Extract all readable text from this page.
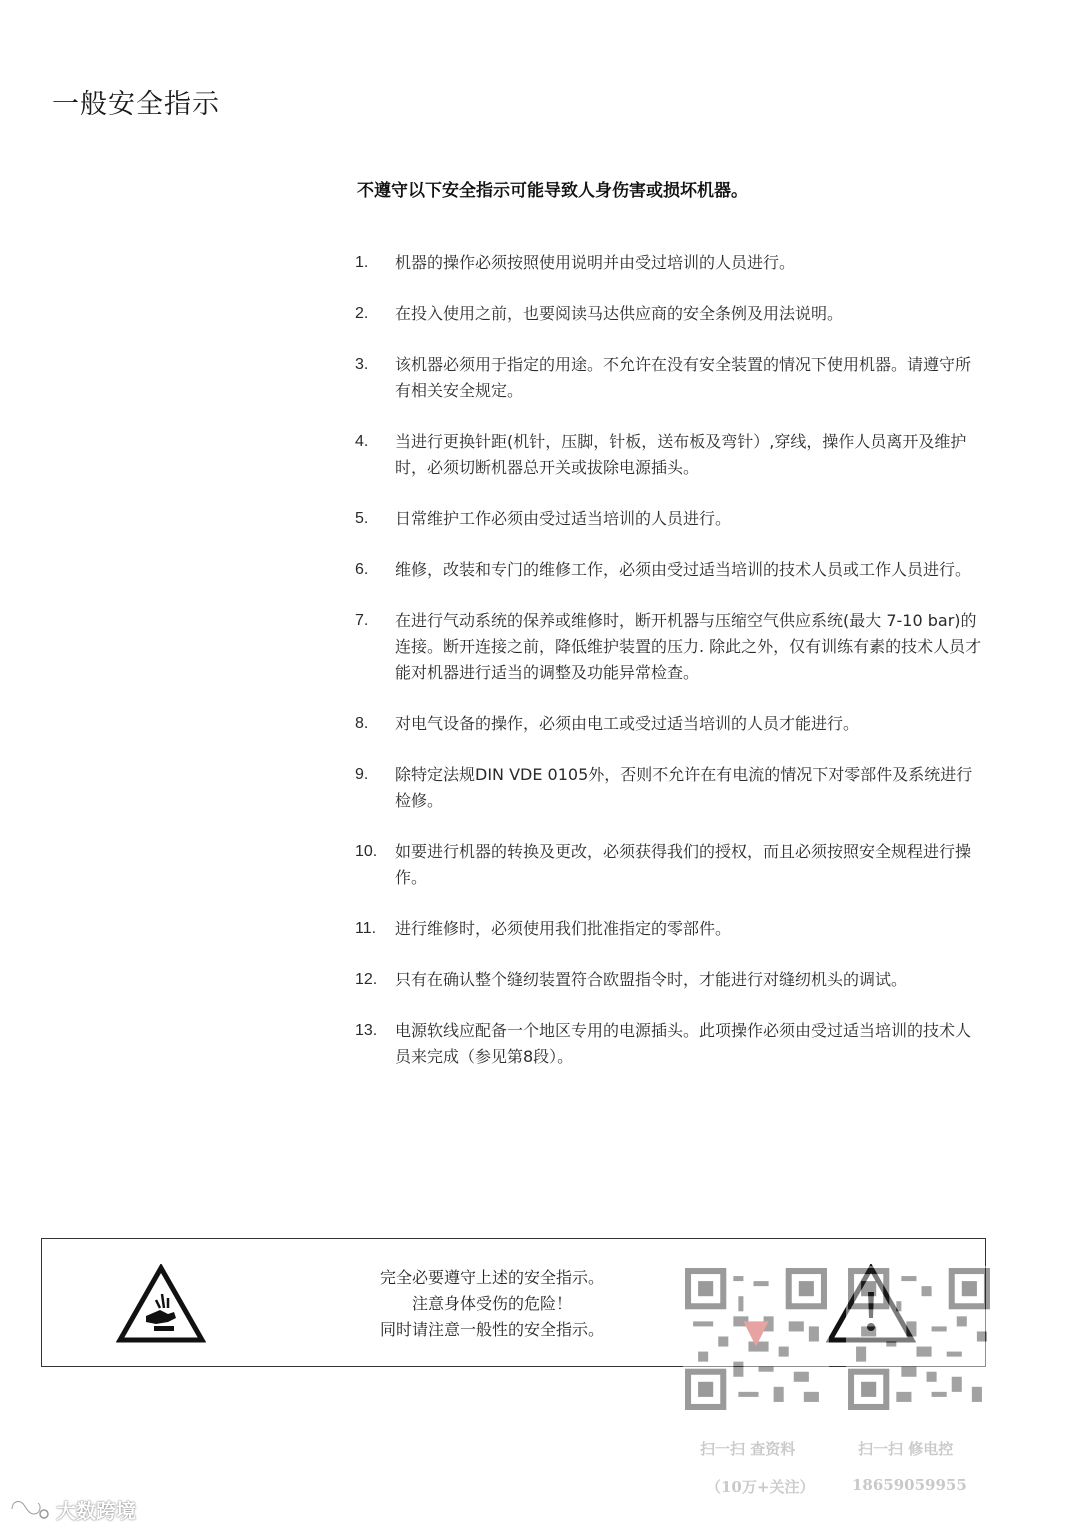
一般安全指示
不遵守以下安全指示可能导致人身伤害或损坏机器。
1. 机器的操作必须按照使用说明并由受过培训的人员进行。
2. 在投入使用之前，也要阅读马达供应商的安全条例及用法说明。
3. 该机器必须用于指定的用途。不允许在没有安全装置的情况下使用机器。请遵守所有相关安全规定。
4. 当进行更换针距(机针，压脚，针板，送布板及弯针）,穿线，操作人员离开及维护时，必须切断机器总开关或拔除电源插头。
5. 日常维护工作必须由受过适当培训的人员进行。
6. 维修，改装和专门的维修工作，必须由受过适当培训的技术人员或工作人员进行。
7. 在进行气动系统的保养或维修时，断开机器与压缩空气供应系统(最大 7-10 bar)的连接。断开连接之前，降低维护装置的压力. 除此之外，仅有训练有素的技术人员才能对机器进行适当的调整及功能异常检查。
8. 对电气设备的操作，必须由电工或受过适当培训的人员才能进行。
9. 除特定法规DIN VDE 0105外，否则不允许在有电流的情况下对零部件及系统进行检修。
10. 如要进行机器的转换及更改，必须获得我们的授权，而且必须按照安全规程进行操作。
11. 进行维修时，必须使用我们批准指定的零部件。
12. 只有在确认整个缝纫装置符合欧盟指令时，才能进行对缝纫机头的调试。
13. 电源软线应配备一个地区专用的电源插头。此项操作必须由受过适当培训的技术人员来完成（参见第8段）。
完全必要遵守上述的安全指示。
注意身体受伤的危险！
同时请注意一般性的安全指示。
扫一扫 查资料
（10万+关注）
扫一扫 修电控
18659059955
大数跨境
